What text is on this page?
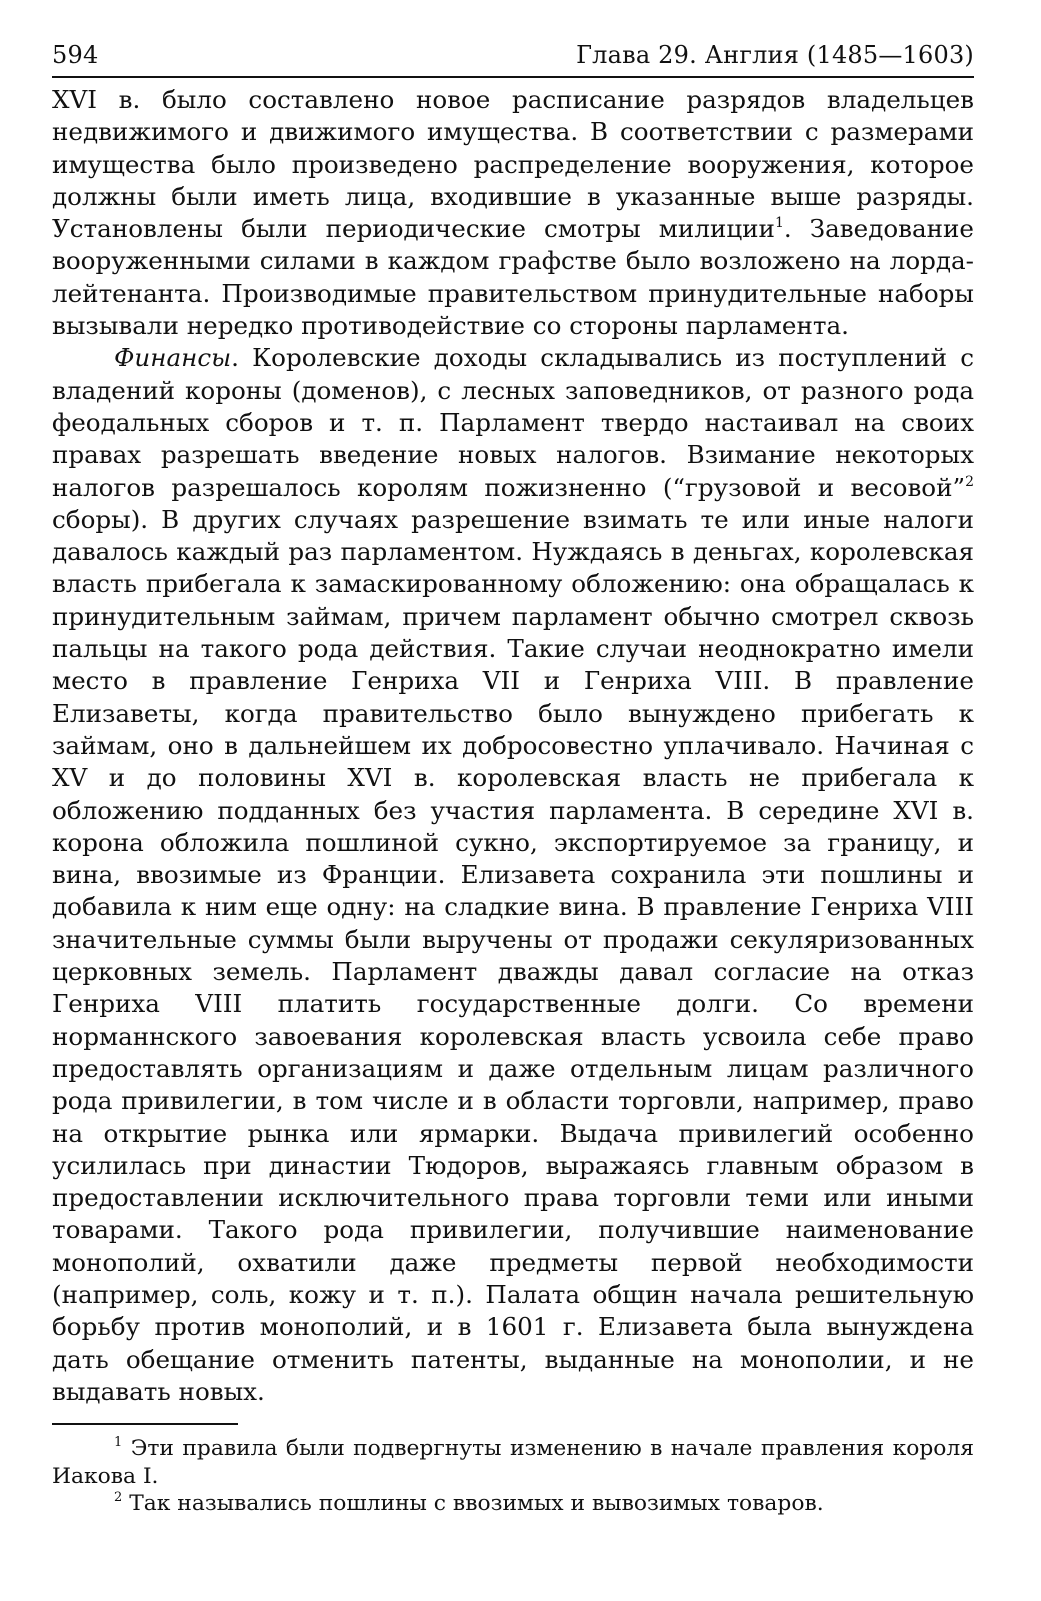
594	Глава 29. Англия (1485—1603)

XVI в. было составлено новое расписание разрядов владельцев недвижимого и движимого имущества. В соответствии с размерами имущества было произведено распределение вооружения, которое должны были иметь лица, входившие в указанные выше разряды. Установлены были периодические смотры милиции$^1$. Заведование вооруженными силами в каждом графстве было возложено на лорда-лейтенанта. Производимые правительством принудительные наборы вызывали нередко противодействие со стороны парламента.

Финансы. Королевские доходы складывались из поступлений с владений короны (доменов), с лесных заповедников, от разного рода феодальных сборов и т. п. Парламент твердо настаивал на своих правах разрешать введение новых налогов. Взимание некоторых налогов разрешалось королям пожизненно (“грузовой и весовой”$^2$ сборы). В других случаях разрешение взимать те или иные налоги давалось каждый раз парламентом. Нуждаясь в деньгах, королевская власть прибегала к замаскированному обложению: она обращалась к принудительным займам, причем парламент обычно смотрел сквозь пальцы на такого рода действия. Такие случаи неоднократно имели место в правление Генриха VII и Генриха VIII. В правление Елизаветы, когда правительство было вынуждено прибегать к займам, оно в дальнейшем их добросовестно уплачивало. Начиная с XV и до половины XVI в. королевская власть не прибегала к обложению подданных без участия парламента. В середине XVI в. корона обложила пошлиной сукно, экспортируемое за границу, и вина, ввозимые из Франции. Елизавета сохранила эти пошлины и добавила к ним еще одну: на сладкие вина. В правление Генриха VIII значительные суммы были выручены от продажи секуляризованных церковных земель. Парламент дважды давал согласие на отказ Генриха VIII платить государственные долги. Со времени норманнского завоевания королевская власть усвоила себе право предоставлять организациям и даже отдельным лицам различного рода привилегии, в том числе и в области торговли, например, право на открытие рынка или ярмарки. Выдача привилегий особенно усилилась при династии Тюдоров, выражаясь главным образом в предоставлении исключительного права торговли теми или иными товарами. Такого рода привилегии, получившие наименование монополий, охватили даже предметы первой необходимости (например, соль, кожу и т. п.). Палата общин начала решительную борьбу против монополий, и в 1601 г. Елизавета была вынуждена дать обещание отменить патенты, выданные на монополии, и не выдавать новых.

$^1$ Эти правила были подвергнуты изменению в начале правления короля Иакова I.

$^2$ Так назывались пошлины с ввозимых и вывозимых товаров.
